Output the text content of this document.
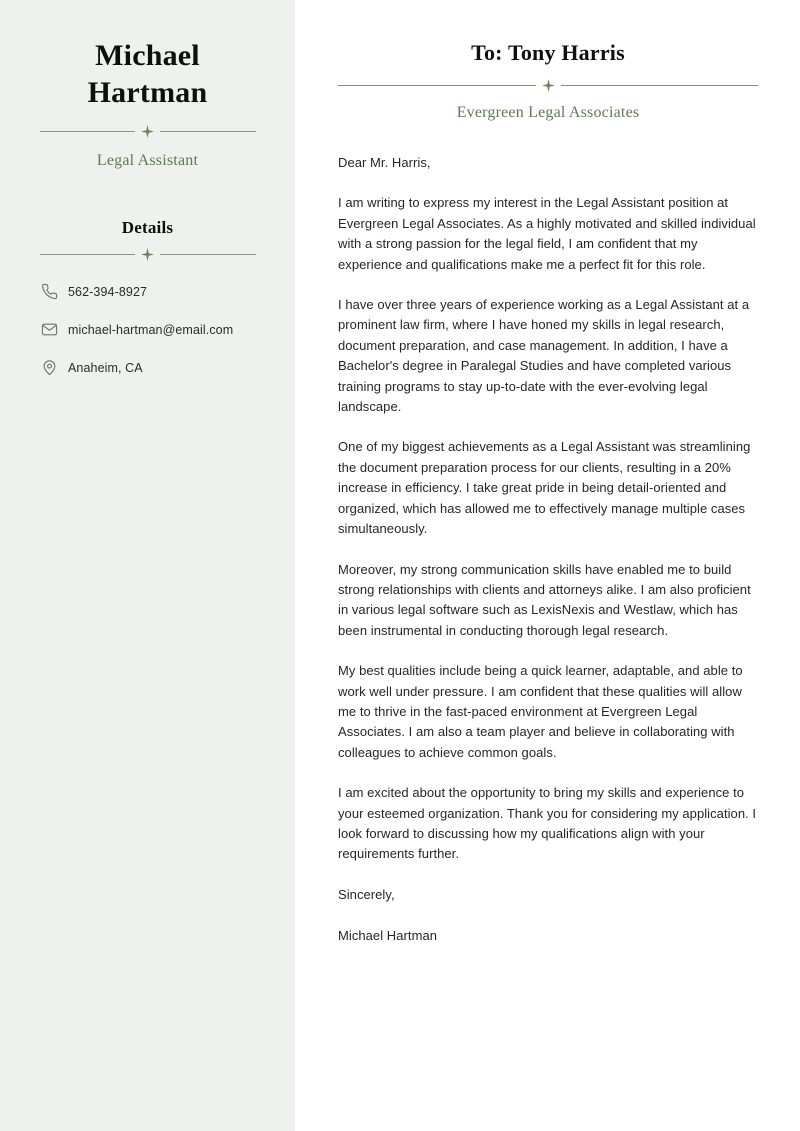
Michael
Hartman
Legal Assistant
Details
562-394-8927
michael-hartman@email.com
Anaheim, CA
To: Tony Harris
Evergreen Legal Associates

Dear Mr. Harris,

I am writing to express my interest in the Legal Assistant position at Evergreen Legal Associates. As a highly motivated and skilled individual with a strong passion for the legal field, I am confident that my experience and qualifications make me a perfect fit for this role.

I have over three years of experience working as a Legal Assistant at a prominent law firm, where I have honed my skills in legal research, document preparation, and case management. In addition, I have a Bachelor's degree in Paralegal Studies and have completed various training programs to stay up-to-date with the ever-evolving legal landscape.

One of my biggest achievements as a Legal Assistant was streamlining the document preparation process for our clients, resulting in a 20% increase in efficiency. I take great pride in being detail-oriented and organized, which has allowed me to effectively manage multiple cases simultaneously.

Moreover, my strong communication skills have enabled me to build strong relationships with clients and attorneys alike. I am also proficient in various legal software such as LexisNexis and Westlaw, which has been instrumental in conducting thorough legal research.

My best qualities include being a quick learner, adaptable, and able to work well under pressure. I am confident that these qualities will allow me to thrive in the fast-paced environment at Evergreen Legal Associates. I am also a team player and believe in collaborating with colleagues to achieve common goals.

I am excited about the opportunity to bring my skills and experience to your esteemed organization. Thank you for considering my application. I look forward to discussing how my qualifications align with your requirements further.

Sincerely,

Michael Hartman
